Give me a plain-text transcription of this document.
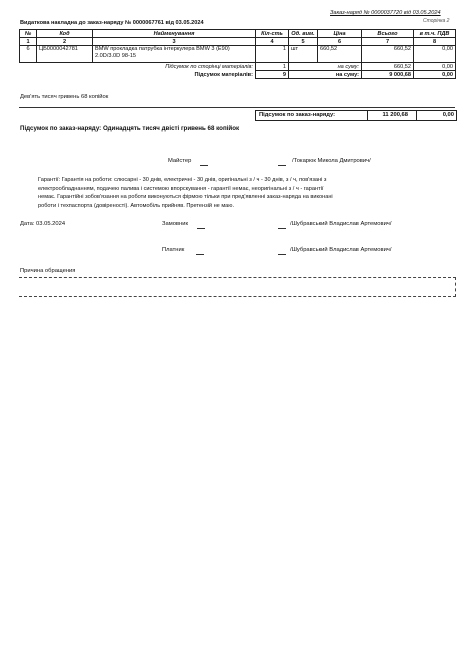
Заказ-наряд № 0000037720 від 03.05.2024
Сторінка 2
Видаткова накладна до заказ-наряду № 0000067761 від 03.05.2024
№	Код	Найменування	Кіл-сть	Од. вим.	Ціна	Всього	в т.ч. ПДВ
1	2	3	4	5	6	7	8
6	ЦБ0000042781	BMW прокладка патрубка інтеркулера BMW 3 (E90) 2.0D/3.0D 98-15	1	шт	660,52	660,52	0,00
Підсумок по сторінці матеріалів:			1	на суму:		660,52	0,00
Підсумок матеріалів:			9	на суму:		9 000,68	0,00
Дев'ять тисяч гривень 68 копійок
Підсумок по заказ-наряду:	11 200,68	0,00
Підсумок по заказ-наряду: Одинадцять тисяч двісті гривень 68 копійок
Майстер	/Токарюк Микола Дмитрович/
Гарантії: Гарантія на роботи: слюсарні - 30 днів, електричні - 30 днів, оригінальні з / ч - 30 днів, з / ч, пов'язані з
електрообладнанням, подачею палива і системою впорскування - гарантії немає, неоригінальні з / ч - гарантії
немає. Гарантійні зобов'язання на роботи виконуються фірмою тільки при пред'явленні заказ-наряда на виконані
роботи і техпаспорта (довіреності). Автомобіль прийняв. Претензій не маю.
Дата: 03.05.2024	Замовник	/Шубравський Владислав Артемович/
Платник	/Шубравський Владислав Артемович/
Причина обращения
